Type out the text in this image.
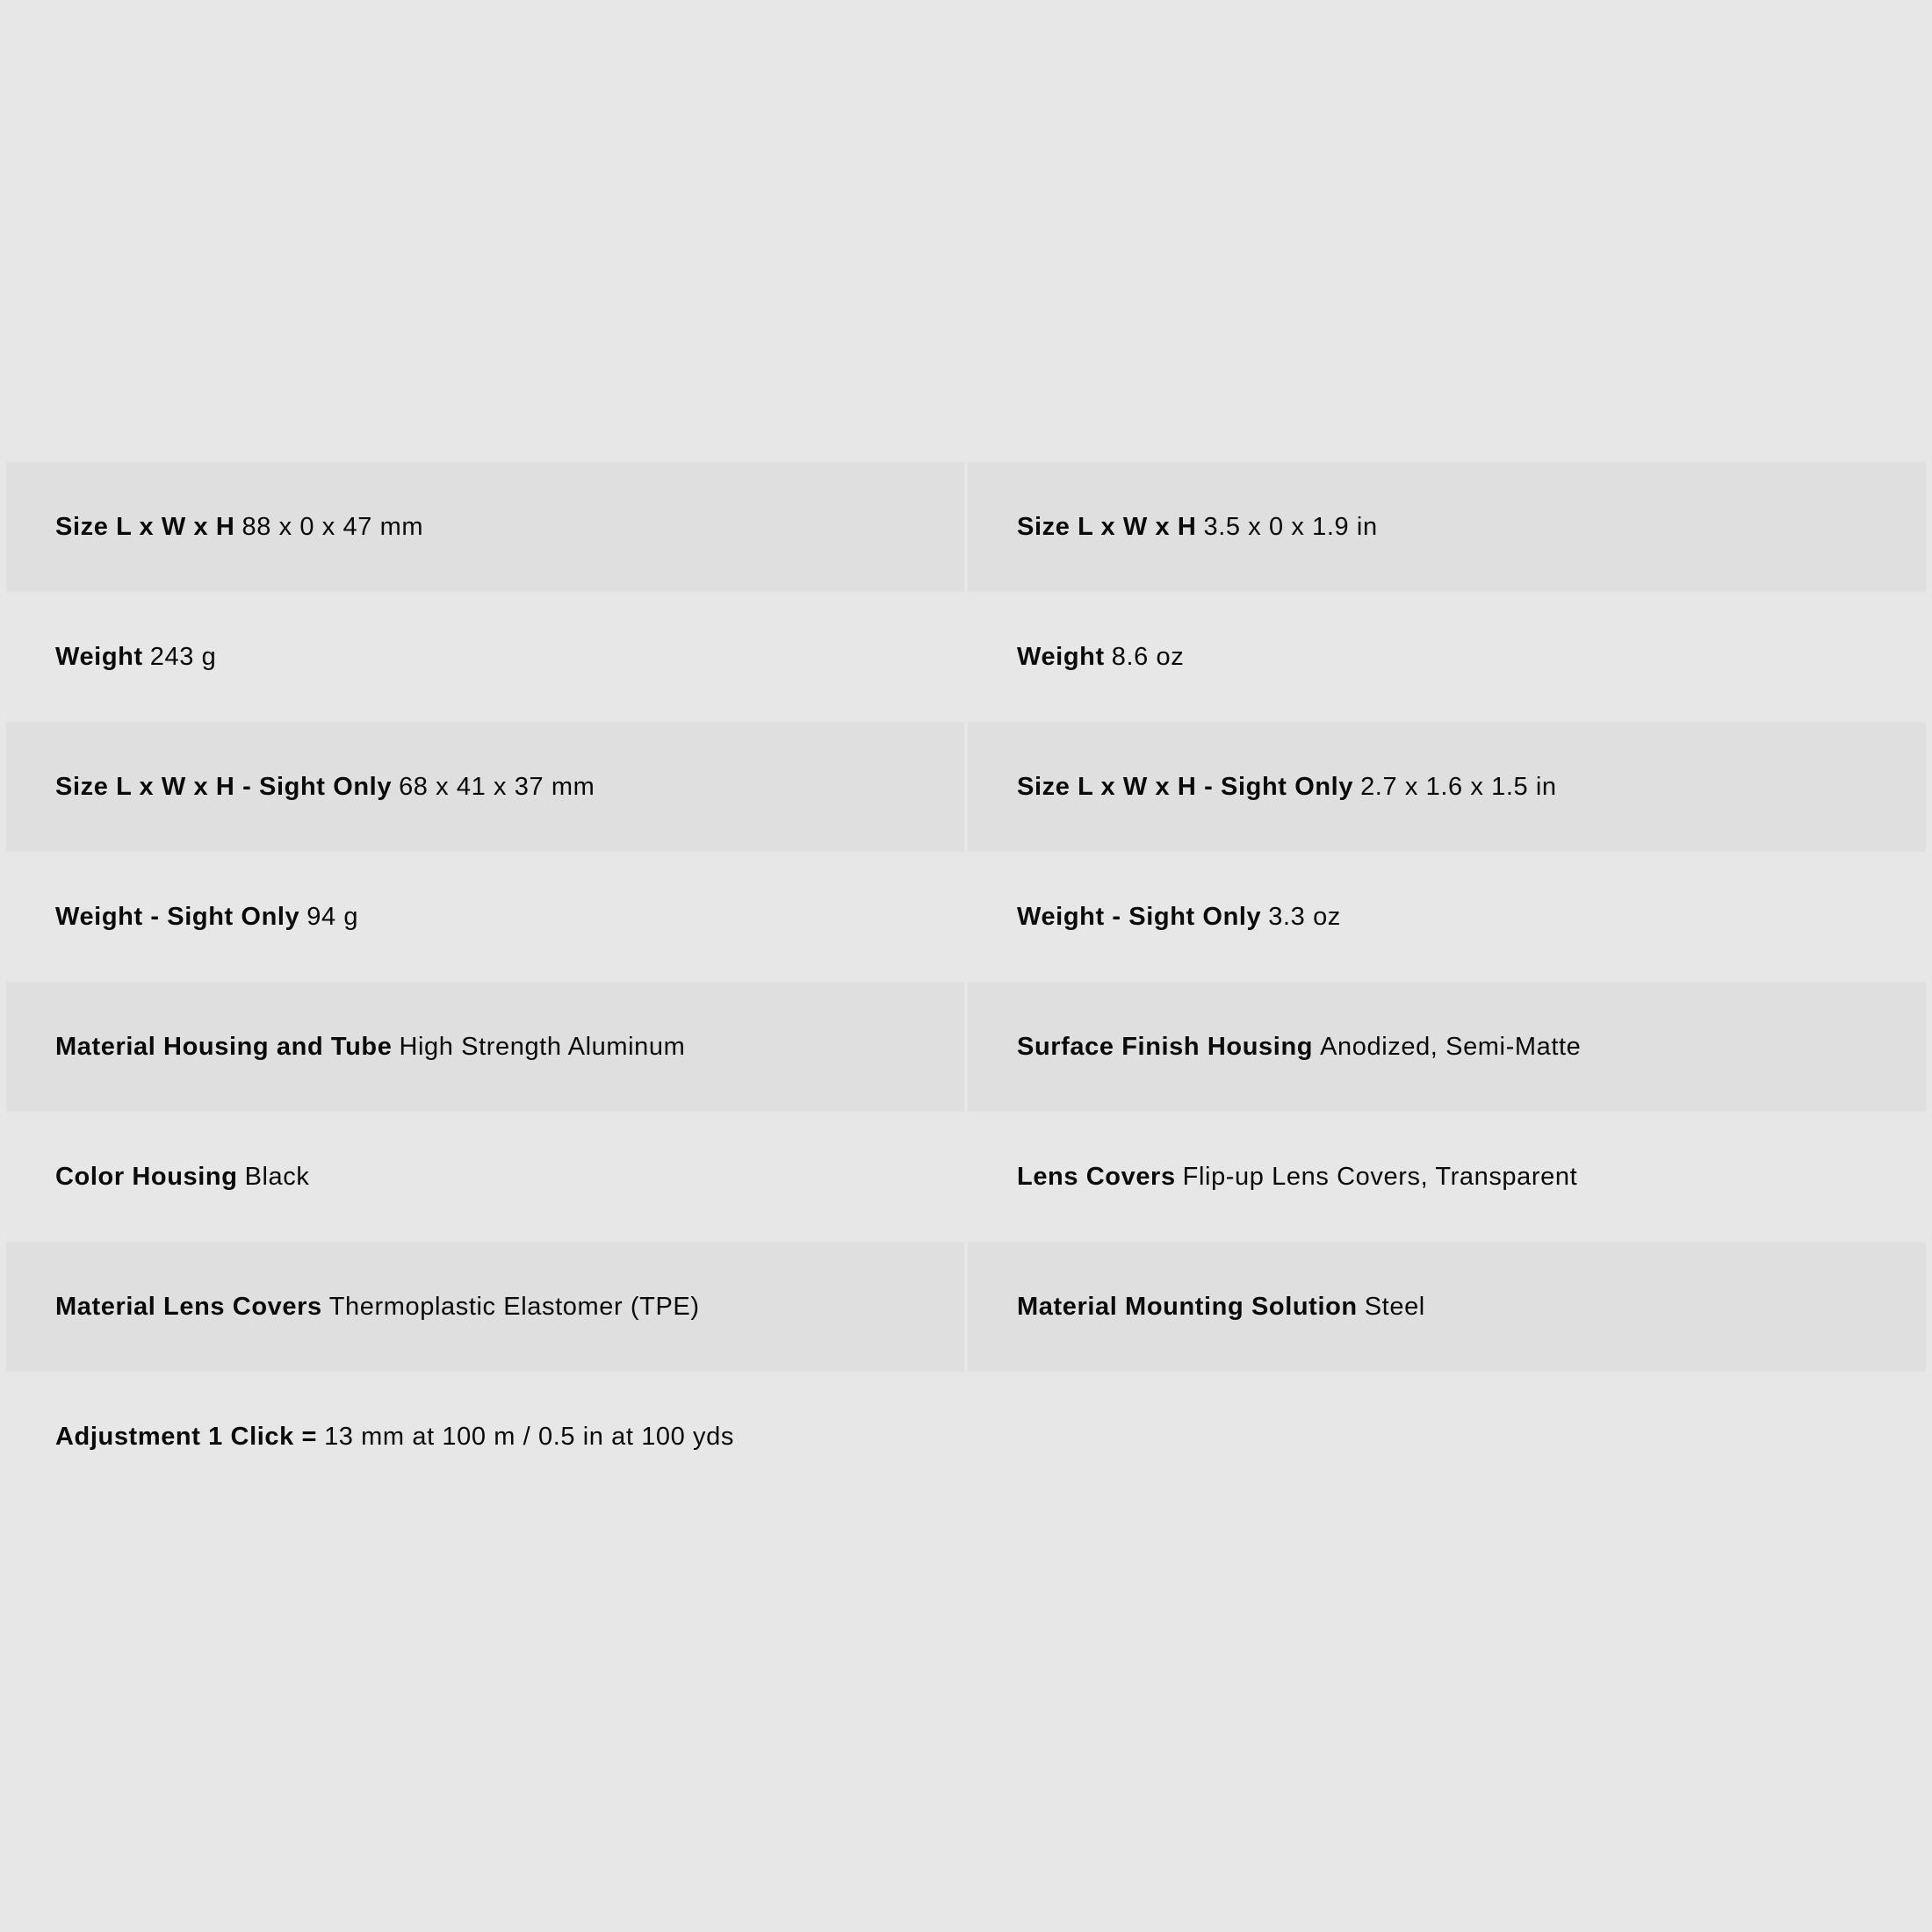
Size L x W x H 88 x 0 x 47 mm	Size L x W x H 3.5 x 0 x 1.9 in
Weight 243 g	Weight 8.6 oz
Size L x W x H - Sight Only 68 x 41 x 37 mm	Size L x W x H - Sight Only 2.7 x 1.6 x 1.5 in
Weight - Sight Only 94 g	Weight - Sight Only 3.3 oz
Material Housing and Tube High Strength Aluminum	Surface Finish Housing Anodized, Semi-Matte
Color Housing Black	Lens Covers Flip-up Lens Covers, Transparent
Material Lens Covers Thermoplastic Elastomer (TPE)	Material Mounting Solution Steel
Adjustment 1 Click = 13 mm at 100 m / 0.5 in at 100 yds
